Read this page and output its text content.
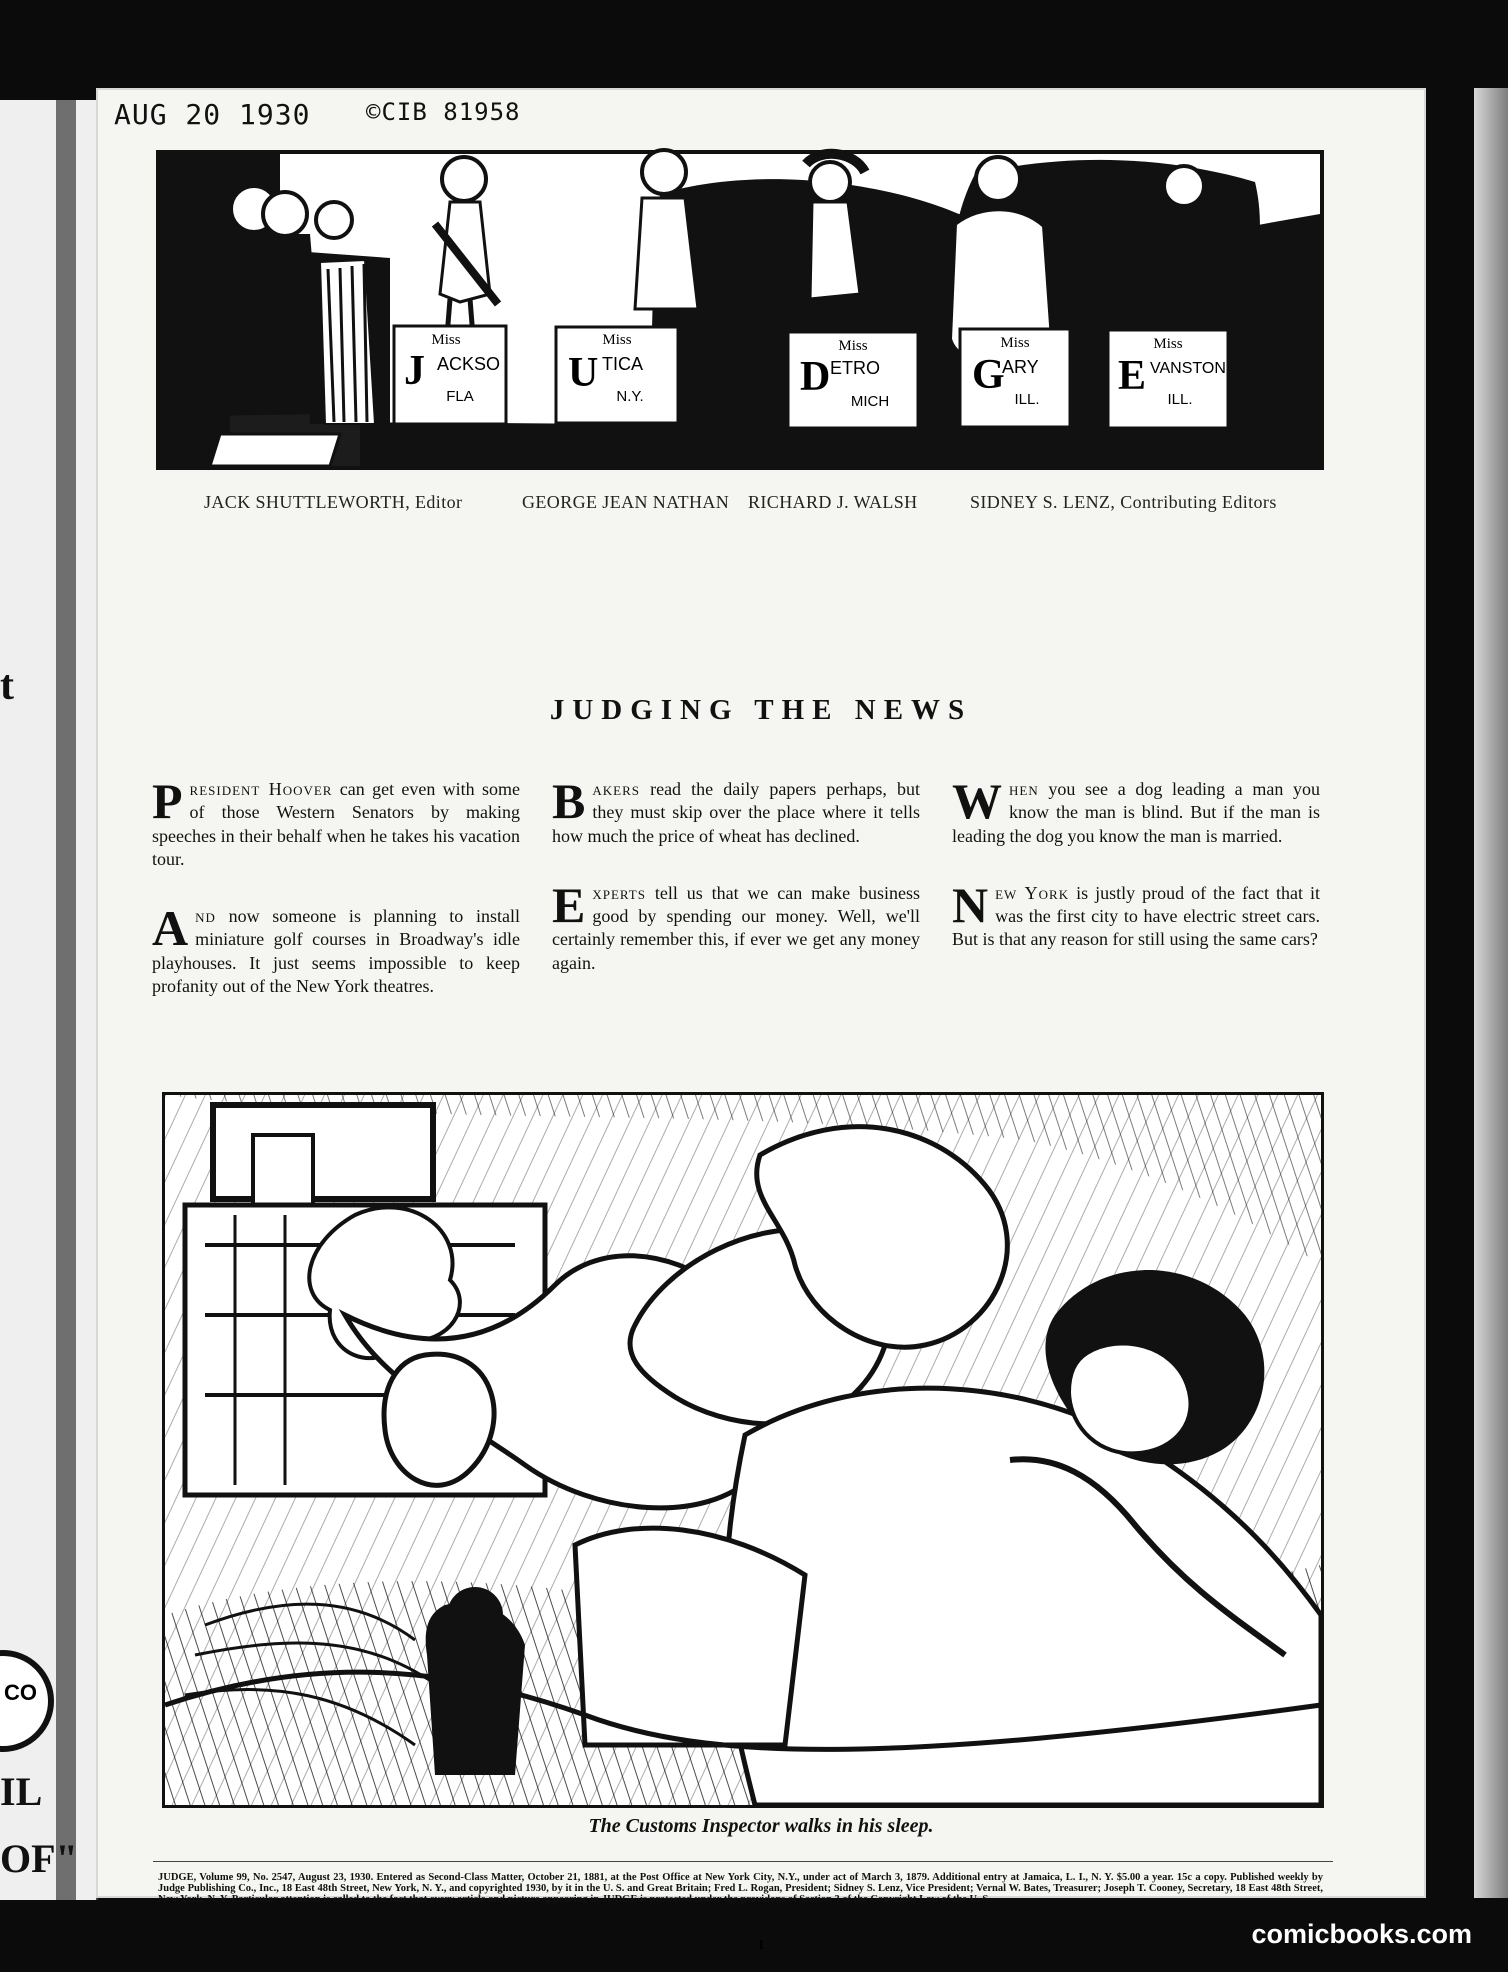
t
CO
IL
OF"
AUG 20 1930 ©CIB 81958
Miss
J ACKSO
FLA
Miss
U TICA
N.Y.
Miss
D ETRO
MICH
Miss
G
ARY
ILL.
Miss
E VANSTON
ILL.
JACK SHUTTLEWORTH, Editor	GEORGE JEAN NATHAN RICHARD J. WALSH	SIDNEY S. LENZ, Contributing Editors
JUDGING THE NEWS
P resident Hoover can get even with some of those Western Senators by making speeches in their behalf when he takes his vacation tour.
A nd now someone is planning to install miniature golf courses in Broadway's idle playhouses. It just seems impossible to keep profanity out of the New York theatres.
B akers read the daily papers perhaps, but they must skip over the place where it tells how much the price of wheat has declined.
E xperts tell us that we can make business good by spending our money. Well, we'll certainly remember this, if ever we get any money again.
W hen you see a dog leading a man you know the man is blind. But if the man is leading the dog you know the man is married.
N ew York is justly proud of the fact that it was the first city to have electric street cars. But is that any reason for still using the same cars?
The Customs Inspector walks in his sleep.
JUDGE, Volume 99, No. 2547, August 23, 1930. Entered as Second-Class Matter, October 21, 1881, at the Post Office at New York City, N.Y., under act of March 3, 1879. Additional entry at Jamaica, L. I., N. Y. $5.00 a year. 15c a copy. Published weekly by Judge Publishing Co., Inc., 18 East 48th Street, New York, N. Y., and copyrighted 1930, by it in the U. S. and Great Britain; Fred L. Rogan, President; Sidney S. Lenz, Vice President; Vernal W. Bates, Treasurer; Joseph T. Cooney, Secretary, 18 East 48th Street, New York, N. Y. Particular attention is called to the fact that every article and picture appearing in JUDGE is protected under the providons of Section 3 of the Copyright Law of the U. S.
1	comicbooks.com
